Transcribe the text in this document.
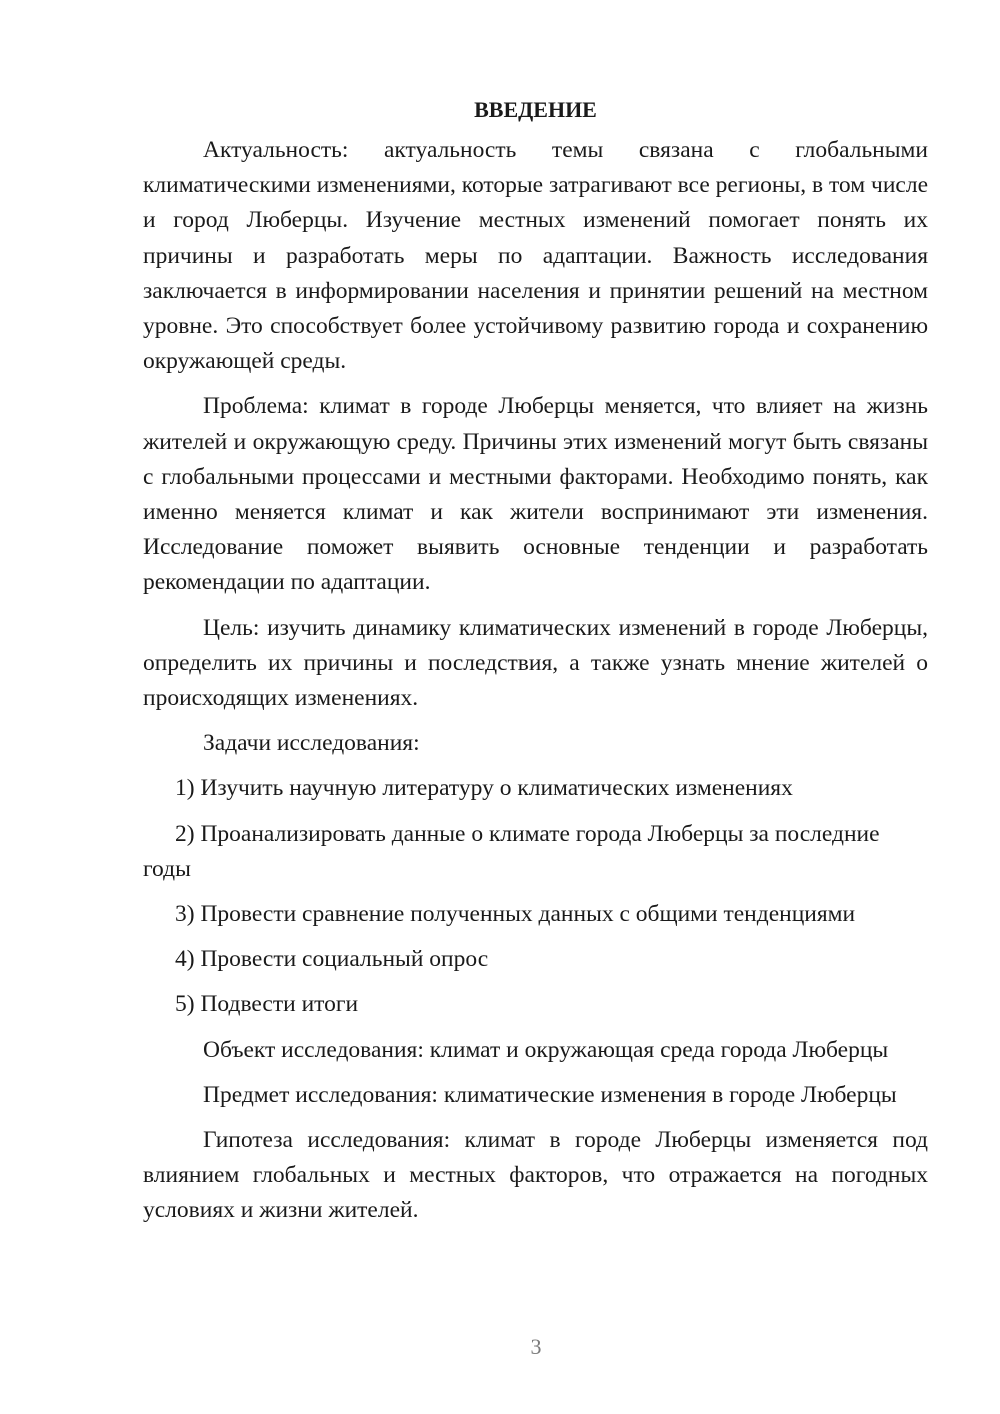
ВВЕДЕНИЕ

Актуальность: актуальность темы связана с глобальными климатическими изменениями, которые затрагивают все регионы, в том числе и город Люберцы. Изучение местных изменений помогает понять их причины и разработать меры по адаптации. Важность исследования заключается в информировании населения и принятии решений на местном уровне. Это способствует более устойчивому развитию города и сохранению окружающей среды.

Проблема: климат в городе Люберцы меняется, что влияет на жизнь жителей и окружающую среду. Причины этих изменений могут быть связаны с глобальными процессами и местными факторами. Необходимо понять, как именно меняется климат и как жители воспринимают эти изменения. Исследование поможет выявить основные тенденции и разработать рекомендации по адаптации.

Цель: изучить динамику климатических изменений в городе Люберцы, определить их причины и последствия, а также узнать мнение жителей о происходящих изменениях.

Задачи исследования:

1) Изучить научную литературу о климатических изменениях

2) Проанализировать данные о климате города Люберцы за последние годы

3) Провести сравнение полученных данных с общими тенденциями

4) Провести социальный опрос

5) Подвести итоги

Объект исследования: климат и окружающая среда города Люберцы

Предмет исследования: климатические изменения в городе Люберцы

Гипотеза исследования: климат в городе Люберцы изменяется под влиянием глобальных и местных факторов, что отражается на погодных условиях и жизни жителей.

3
